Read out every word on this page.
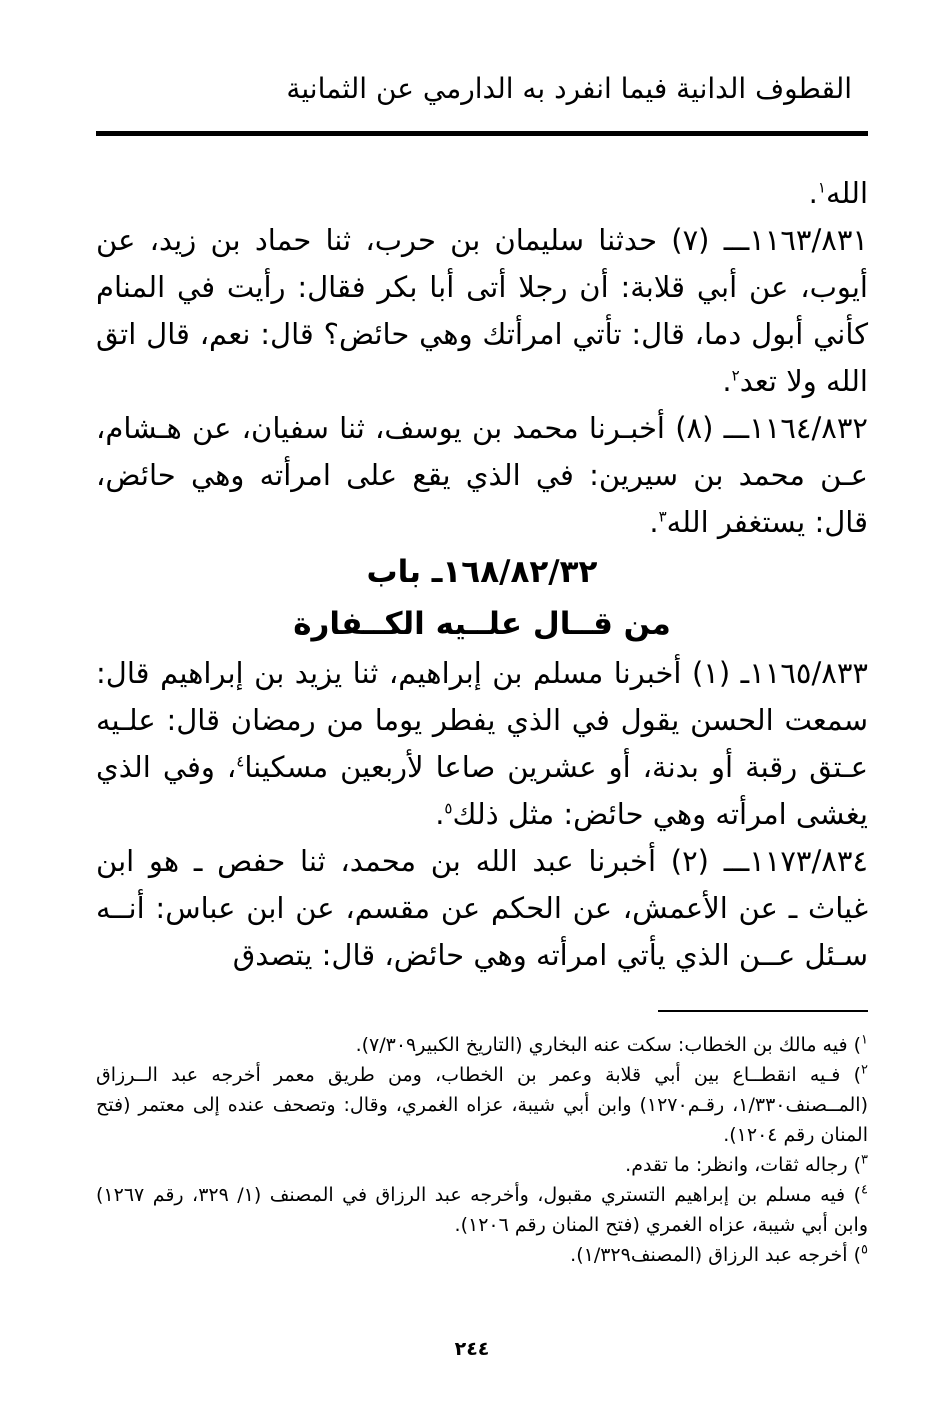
القطوف الدانية فيما انفرد به الدارمي عن الثمانية

الله$^١$.

١١٦٣/٨٣١ـــ (٧) حدثنا سليمان بن حرب، ثنا حماد بن زيد، عن أيوب، عن أبي قلابة: أن رجلا أتى أبا بكر فقال: رأيت في المنام كأني أبول دما، قال: تأتي امرأتك وهي حائض؟ قال: نعم، قال اتق الله ولا تعد$^٢$.

١١٦٤/٨٣٢ـــ (٨) أخبـرنا محمد بن يوسف، ثنا سفيان، عن هـشام، عـن محمد بن سيرين: في الذي يقع على امرأته وهي حائض، قال: يستغفر الله$^٣$.

١٦٨/٨٢/٣٢ـ باب

من قــال علــيه الكــفارة

١١٦٥/٨٣٣ـ (١) أخبرنا مسلم بن إبراهيم، ثنا يزيد بن إبراهيم قال: سمعت الحسن يقول في الذي يفطر يوما من رمضان قال: علـيه عـتق رقبة أو بدنة، أو عشرين صاعا لأربعين مسكينا$^٤$، وفي الذي يغشى امرأته وهي حائض: مثل ذلك$^٥$.

١١٧٣/٨٣٤ـــ (٢) أخبرنا عبد الله بن محمد، ثنا حفص ـ هو ابن غياث ـ عن الأعمش، عن الحكم عن مقسم، عن ابن عباس: أنــه سـئل عــن الذي يأتي امرأته وهي حائض، قال: يتصدق

$^١$) فيه مالك بن الخطاب: سكت عنه البخاري (التاريخ الكبير٧/٣٠٩).

$^٢$) فـيه انقطــاع بين أبي قلابة وعمر بن الخطاب، ومن طريق معمر أخرجه عبد الــرزاق (المــصنف١/٣٣٠، رقـم١٢٧٠) وابن أبي شيبة، عزاه الغمري، وقال: وتصحف عنده إلى معتمر (فتح المنان رقم ١٢٠٤).

$^٣$) رجاله ثقات، وانظر: ما تقدم.

$^٤$) فيه مسلم بن إبراهيم التستري مقبول، وأخرجه عبد الرزاق في المصنف (١/ ٣٢٩، رقم ١٢٦٧) وابن أبي شيبة، عزاه الغمري (فتح المنان رقم ١٢٠٦).

$^٥$) أخرجه عبد الرزاق (المصنف١/٣٢٩).

٢٤٤
